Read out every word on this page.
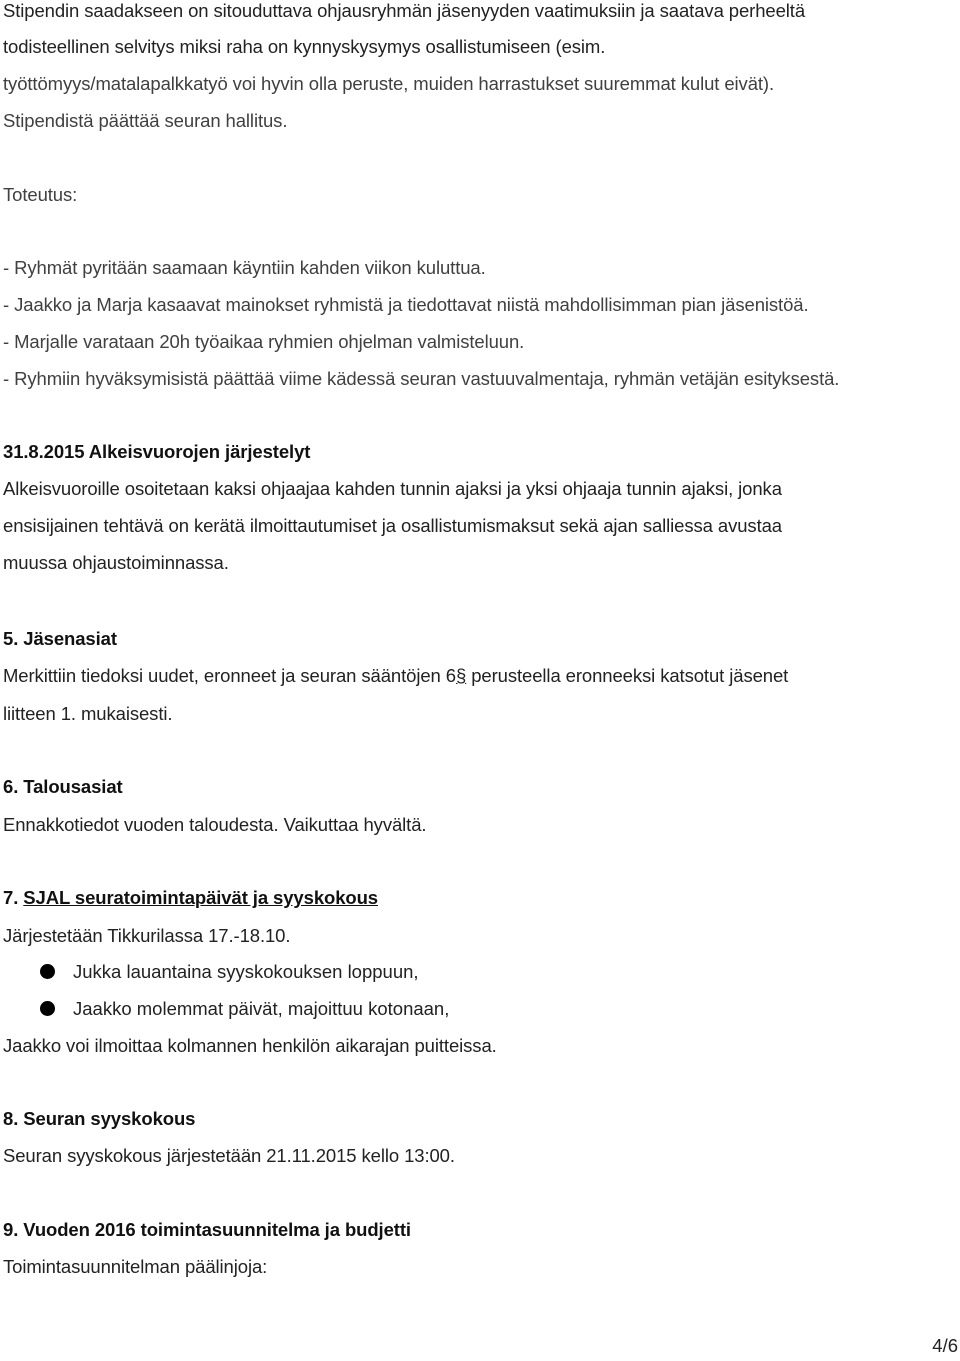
Stipendin saadakseen on sitouduttava ohjausryhmän jäsenyyden vaatimuksiin ja saatava perheeltä
todisteellinen selvitys miksi raha on kynnyskysymys osallistumiseen (esim.
työttömyys/matalapalkkatyö voi hyvin olla peruste, muiden harrastukset suuremmat kulut eivät).
Stipendistä päättää seuran hallitus.
Toteutus:
- Ryhmät pyritään saamaan käyntiin kahden viikon kuluttua.
- Jaakko ja Marja kasaavat mainokset ryhmistä ja tiedottavat niistä mahdollisimman pian jäsenistöä.
- Marjalle varataan 20h työaikaa ryhmien ohjelman valmisteluun.
- Ryhmiin hyväksymisistä päättää viime kädessä seuran vastuuvalmentaja, ryhmän vetäjän esityksestä.
31.8.2015 Alkeisvuorojen järjestelyt
Alkeisvuoroille osoitetaan kaksi ohjaajaa kahden tunnin ajaksi ja yksi ohjaaja tunnin ajaksi, jonka
ensisijainen tehtävä on kerätä ilmoittautumiset ja osallistumismaksut sekä ajan salliessa avustaa
muussa ohjaustoiminnassa.
5. Jäsenasiat
Merkittiin tiedoksi uudet, eronneet ja seuran sääntöjen 6§ perusteella eronneeksi katsotut jäsenet
liitteen 1. mukaisesti.
6. Talousasiat
Ennakkotiedot vuoden taloudesta. Vaikuttaa hyvältä.
7. SJAL seuratoimintapäivät ja syyskokous
Järjestetään Tikkurilassa 17.-18.10.
Jukka lauantaina syyskokouksen loppuun,
Jaakko molemmat päivät, majoittuu kotonaan,
Jaakko voi ilmoittaa kolmannen henkilön aikarajan puitteissa.
8. Seuran syyskokous
Seuran syyskokous järjestetään 21.11.2015 kello 13:00.
9. Vuoden 2016 toimintasuunnitelma ja budjetti
Toimintasuunnitelman päälinjoja:
4/6
